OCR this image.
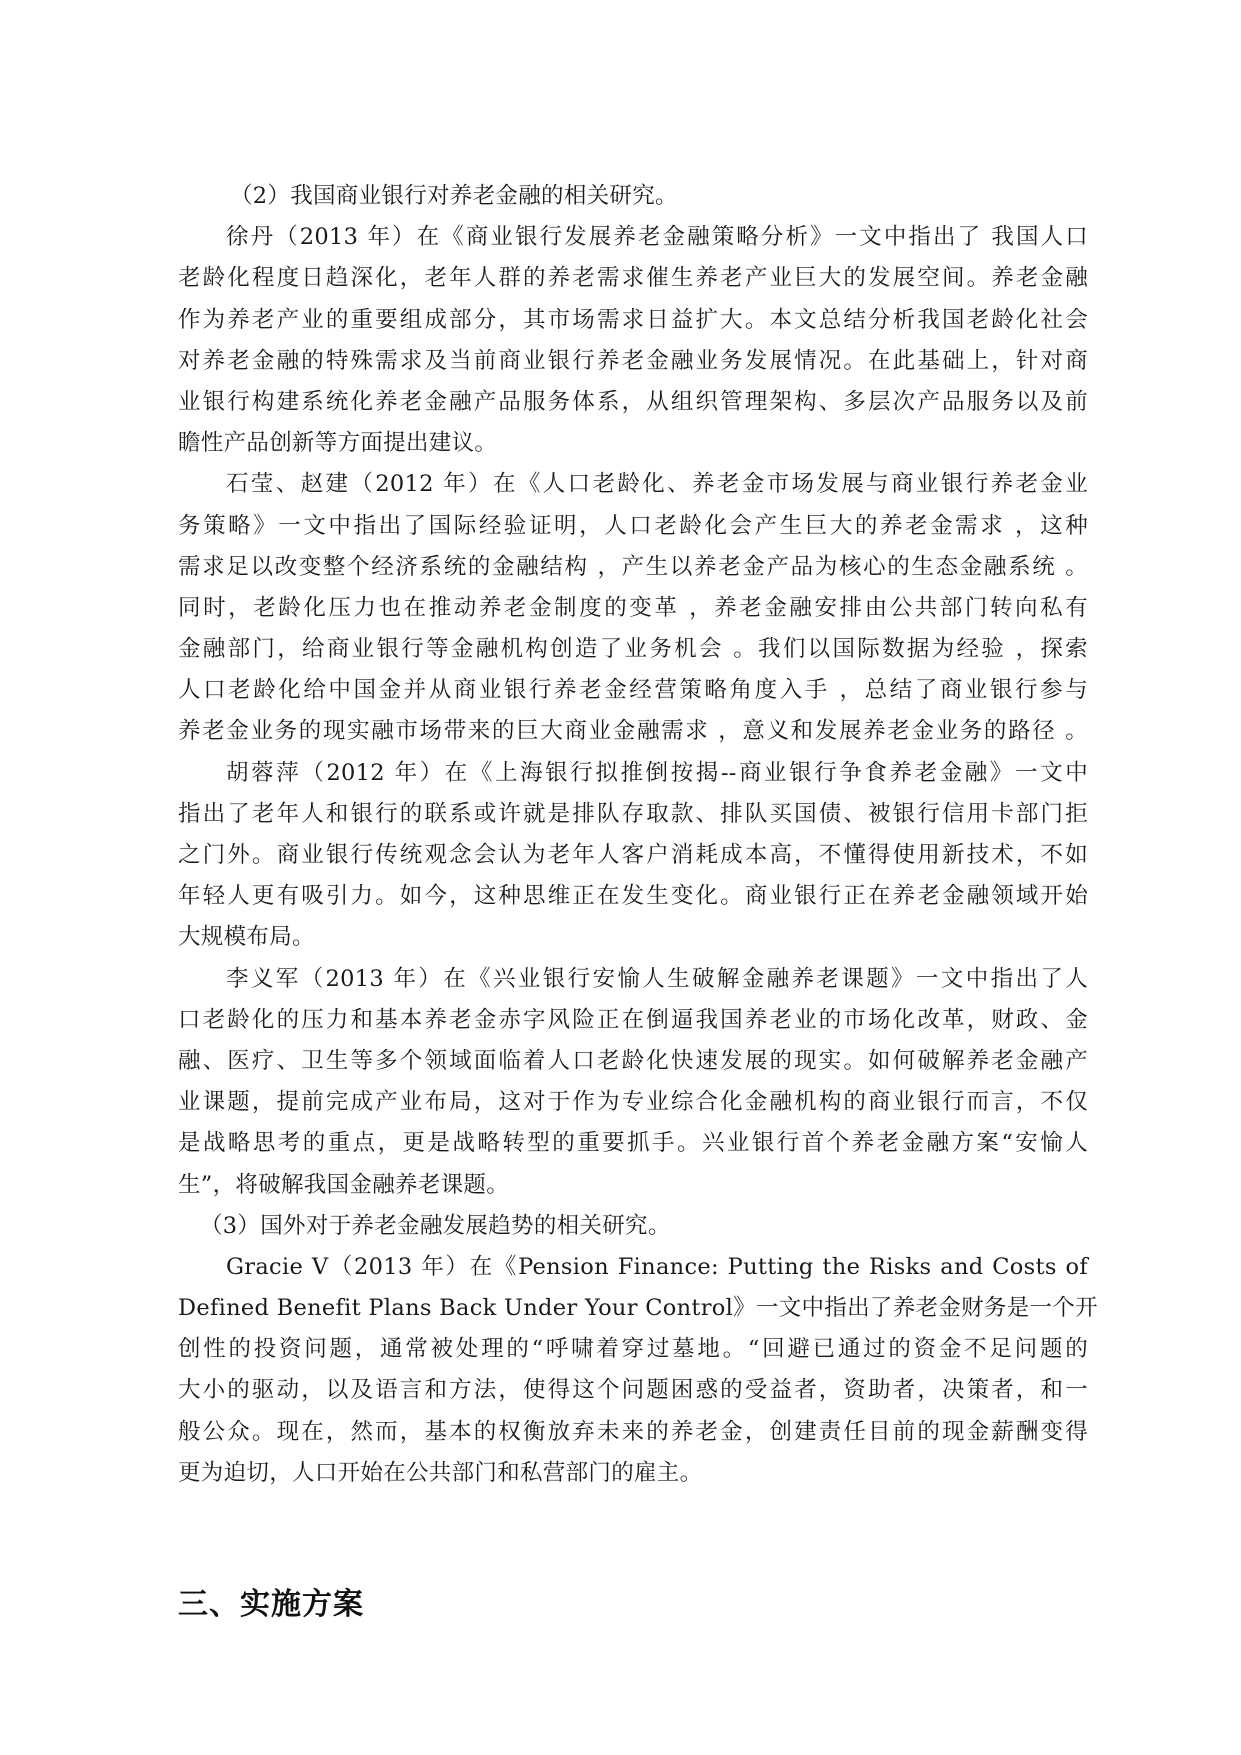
（2）我国商业银行对养老金融的相关研究。
徐丹（2013 年）在《商业银行发展养老金融策略分析》一文中指出了 我国人口
老龄化程度日趋深化，老年人群的养老需求催生养老产业巨大的发展空间。养老金融
作为养老产业的重要组成部分，其市场需求日益扩大。本文总结分析我国老龄化社会
对养老金融的特殊需求及当前商业银行养老金融业务发展情况。在此基础上，针对商
业银行构建系统化养老金融产品服务体系，从组织管理架构、多层次产品服务以及前
瞻性产品创新等方面提出建议。
石莹、赵建（2012 年）在《人口老龄化、养老金市场发展与商业银行养老金业
务策略》一文中指出了国际经验证明，人口老龄化会产生巨大的养老金需求 ，这种
需求足以改变整个经济系统的金融结构 ，产生以养老金产品为核心的生态金融系统 。
同时，老龄化压力也在推动养老金制度的变革 ，养老金融安排由公共部门转向私有
金融部门，给商业银行等金融机构创造了业务机会 。我们以国际数据为经验 ，探索
人口老龄化给中国金并从商业银行养老金经营策略角度入手 ，总结了商业银行参与
养老金业务的现实融市场带来的巨大商业金融需求 ，意义和发展养老金业务的路径 。
胡蓉萍（2012 年）在《上海银行拟推倒按揭--商业银行争食养老金融》一文中
指出了老年人和银行的联系或许就是排队存取款、排队买国债、被银行信用卡部门拒
之门外。商业银行传统观念会认为老年人客户消耗成本高，不懂得使用新技术，不如
年轻人更有吸引力。如今，这种思维正在发生变化。商业银行正在养老金融领域开始
大规模布局。
李义军（2013 年）在《兴业银行安愉人生破解金融养老课题》一文中指出了人
口老龄化的压力和基本养老金赤字风险正在倒逼我国养老业的市场化改革，财政、金
融、医疗、卫生等多个领域面临着人口老龄化快速发展的现实。如何破解养老金融产
业课题，提前完成产业布局，这对于作为专业综合化金融机构的商业银行而言，不仅
是战略思考的重点，更是战略转型的重要抓手。兴业银行首个养老金融方案“安愉人
生”，将破解我国金融养老课题。
（3）国外对于养老金融发展趋势的相关研究。
Gracie V（2013 年）在《Pension Finance: Putting the Risks and Costs of
Defined Benefit Plans Back Under Your Control》一文中指出了养老金财务是一个开
创性的投资问题，通常被处理的“呼啸着穿过墓地。“回避已通过的资金不足问题的
大小的驱动，以及语言和方法，使得这个问题困惑的受益者，资助者，决策者，和一
般公众。现在，然而，基本的权衡放弃未来的养老金，创建责任目前的现金薪酬变得
更为迫切，人口开始在公共部门和私营部门的雇主。
三、实施方案
